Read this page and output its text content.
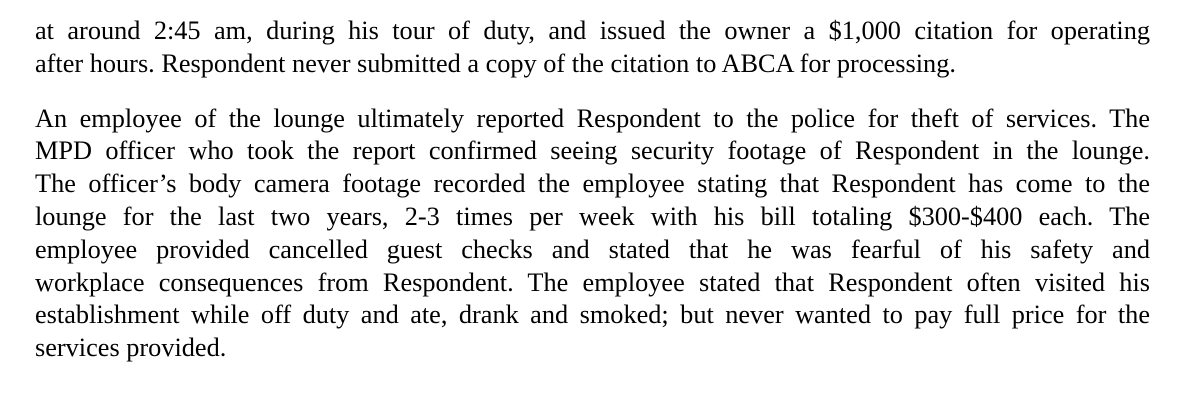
at around 2:45 am, during his tour of duty, and issued the owner a $1,000 citation for operating
after hours. Respondent never submitted a copy of the citation to ABCA for processing.
An employee of the lounge ultimately reported Respondent to the police for theft of services. The
MPD officer who took the report confirmed seeing security footage of Respondent in the lounge.
The officer’s body camera footage recorded the employee stating that Respondent has come to the
lounge for the last two years, 2-3 times per week with his bill totaling $300-$400 each. The
employee provided cancelled guest checks and stated that he was fearful of his safety and
workplace consequences from Respondent. The employee stated that Respondent often visited his
establishment while off duty and ate, drank and smoked; but never wanted to pay full price for the
services provided.
